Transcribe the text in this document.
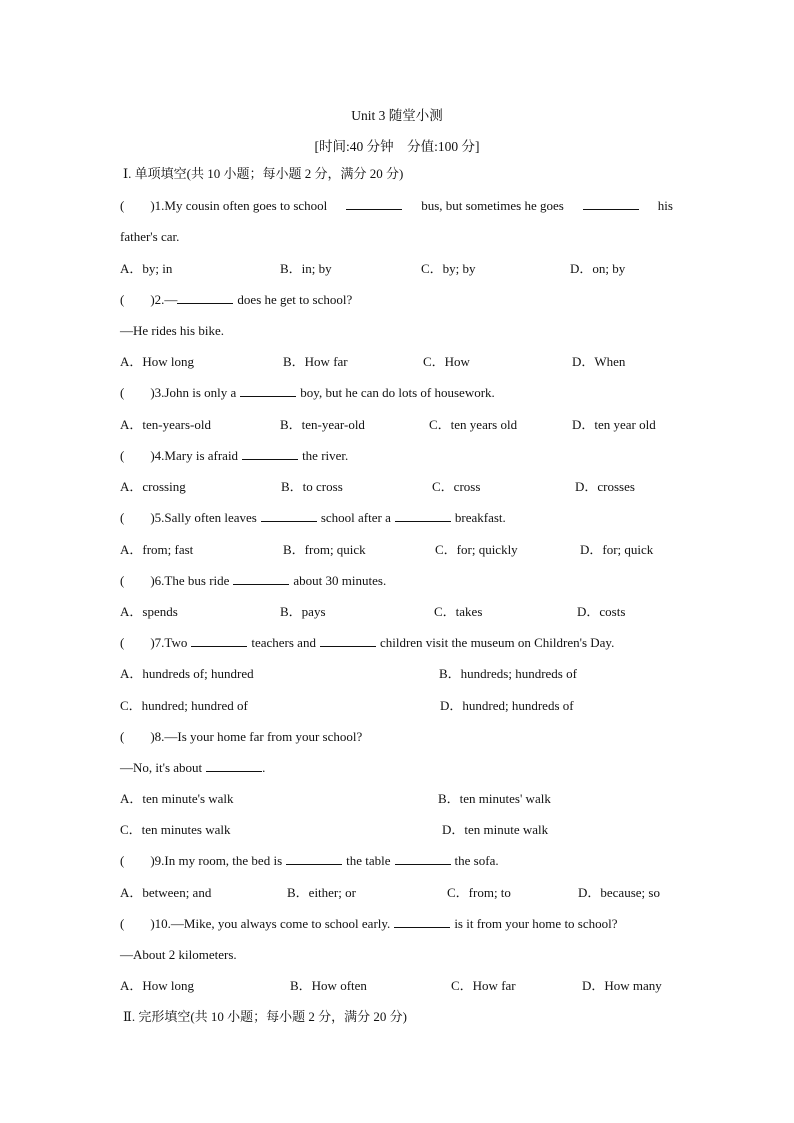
Unit 3 随堂小测
[时间:40 分钟　分值:100 分]
Ⅰ. 单项填空(共 10 小题；每小题 2 分，满分 20 分)
(　　)1.My cousin often goes to school	bus, but sometimes he goes	his
father's car.
A．by; in	B．in; by	C．by; by	D．on; by
(　　)2.—	does he get to school?
—He rides his bike.
A．How long	B．How far	C．How	D．When
(　　)3.John is only a	boy, but he can do lots of housework.
A．ten-years-old	B．ten-year-old	C．ten years old	D．ten year old
(　　)4.Mary is afraid	the river.
A．crossing	B．to cross	C．cross	D．crosses
(　　)5.Sally often leaves	school after a	breakfast.
A．from; fast	B．from; quick	C．for; quickly	D．for; quick
(　　)6.The bus ride	about 30 minutes.
A．spends	B．pays	C．takes	D．costs
(　　)7.Two	teachers and	children visit the museum on Children's Day.
A．hundreds of; hundred	B．hundreds; hundreds of
C．hundred; hundred of	D．hundred; hundreds of
(　　)8.—Is your home far from your school?
—No, it's about	.
A．ten minute's walk	B．ten minutes' walk
C．ten minutes walk	D．ten minute walk
(　　)9.In my room, the bed is	the table	the sofa.
A．between; and	B．either; or	C．from; to	D．because; so
(　　)10.—Mike, you always come to school early.	is it from your home to school?
—About 2 kilometers.
A．How long	B．How often	C．How far	D．How many
Ⅱ. 完形填空(共 10 小题；每小题 2 分，满分 20 分)
